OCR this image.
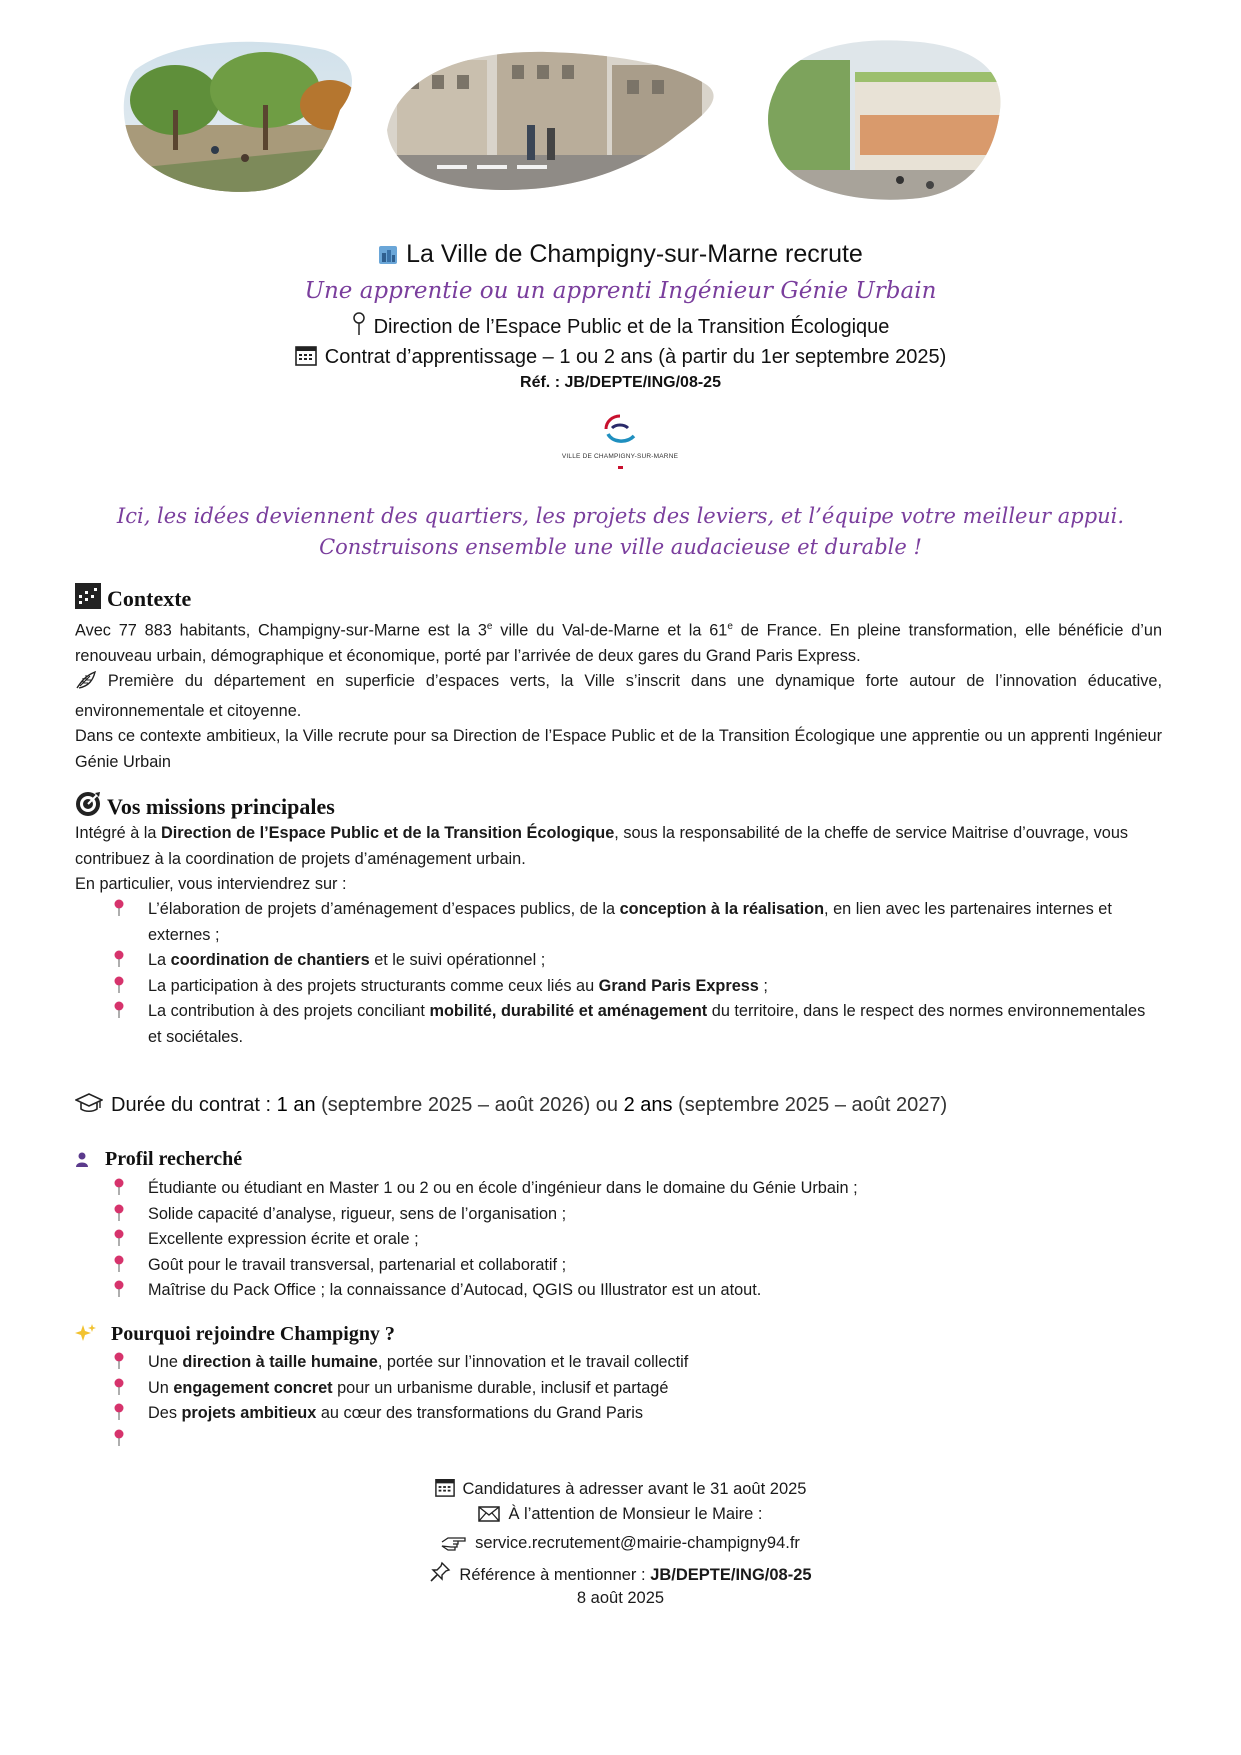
La Ville de Champigny-sur-Marne recrute
Une apprentie ou un apprenti Ingénieur Génie Urbain
Direction de l’Espace Public et de la Transition Écologique
Contrat d’apprentissage – 1 ou 2 ans (à partir du 1er septembre 2025)
Réf. : JB/DEPTE/ING/08-25
VILLE DE CHAMPIGNY-SUR-MARNE
Ici, les idées deviennent des quartiers, les projets des leviers, et l’équipe votre meilleur appui.
Construisons ensemble une ville audacieuse et durable !
Contexte

Avec 77 883 habitants, Champigny-sur-Marne est la 3e ville du Val-de-Marne et la 61e de France. En pleine transformation, elle bénéficie d’un renouveau urbain, démographique et économique, porté par l’arrivée de deux gares du Grand Paris Express.

Première du département en superficie d’espaces verts, la Ville s’inscrit dans une dynamique forte autour de l’innovation éducative, environnementale et citoyenne.

Dans ce contexte ambitieux, la Ville recrute pour sa Direction de l’Espace Public et de la Transition Écologique une apprentie ou un apprenti Ingénieur Génie Urbain

Vos missions principales

Intégré à la Direction de l’Espace Public et de la Transition Écologique, sous la responsabilité de la cheffe de service Maitrise d’ouvrage, vous contribuez à la coordination de projets d’aménagement urbain.

En particulier, vous interviendrez sur :

L’élaboration de projets d’aménagement d’espaces publics, de la conception à la réalisation, en lien avec les partenaires internes et externes ;
La coordination de chantiers et le suivi opérationnel ;
La participation à des projets structurants comme ceux liés au Grand Paris Express ;
La contribution à des projets conciliant mobilité, durabilité et aménagement du territoire, dans le respect des normes environnementales et sociétales.
Durée du contrat : 1 an (septembre 2025 – août 2026) ou 2 ans (septembre 2025 – août 2027)
Profil recherché
Étudiante ou étudiant en Master 1 ou 2 ou en école d’ingénieur dans le domaine du Génie Urbain ;
Solide capacité d’analyse, rigueur, sens de l’organisation ;
Excellente expression écrite et orale ;
Goût pour le travail transversal, partenarial et collaboratif ;
Maîtrise du Pack Office ; la connaissance d’Autocad, QGIS ou Illustrator est un atout.
Pourquoi rejoindre Champigny ?
Une direction à taille humaine, portée sur l’innovation et le travail collectif
Un engagement concret pour un urbanisme durable, inclusif et partagé
Des projets ambitieux au cœur des transformations du Grand Paris

Candidatures à adresser avant le 31 août 2025
À l’attention de Monsieur le Maire :
service.recrutement@mairie-champigny94.fr
Référence à mentionner : JB/DEPTE/ING/08-25
8 août 2025
